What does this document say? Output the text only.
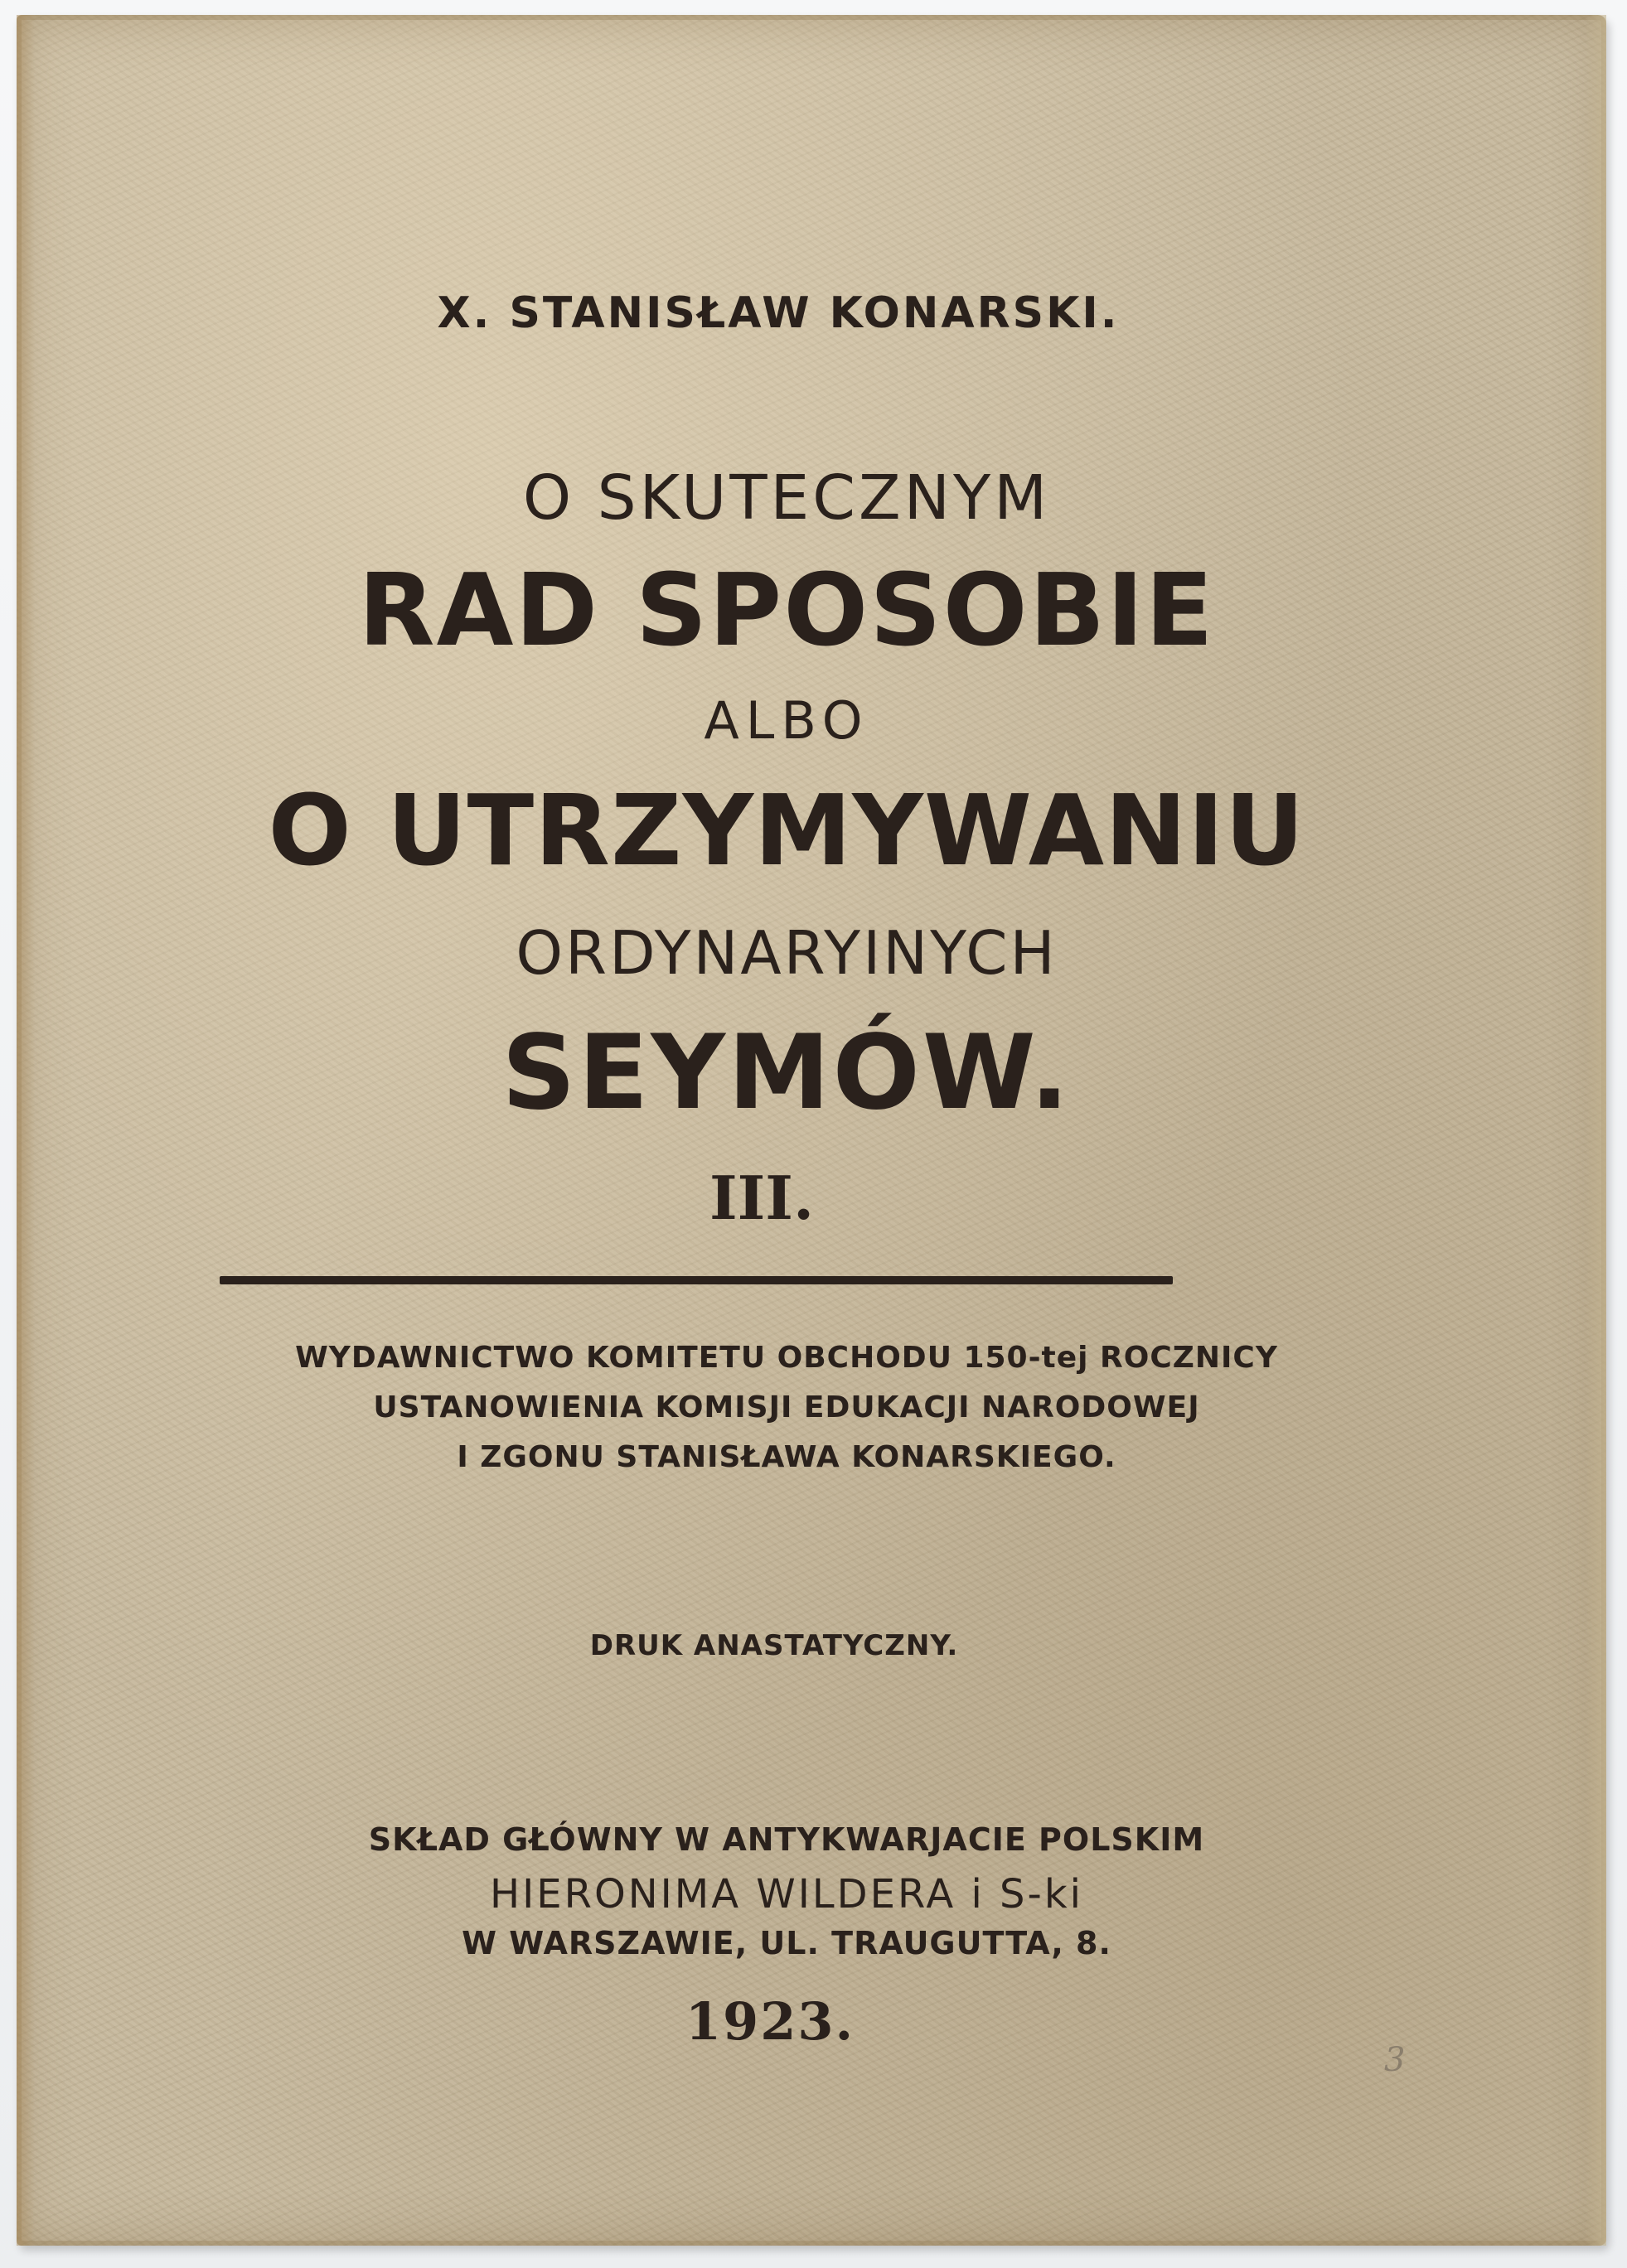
X. STANISŁAW KONARSKI.
O SKUTECZNYM
RAD SPOSOBIE
ALBO
O UTRZYMYWANIU
ORDYNARYINYCH
SEYMÓW.
III.
WYDAWNICTWO KOMITETU OBCHODU 150-tej ROCZNICY
USTANOWIENIA KOMISJI EDUKACJI NARODOWEJ
I ZGONU STANISŁAWA KONARSKIEGO.
DRUK ANASTATYCZNY.
SKŁAD GŁÓWNY W ANTYKWARJACIE POLSKIM
HIERONIMA WILDERA i S-ki
W WARSZAWIE, UL. TRAUGUTTA, 8.
1923.
3
